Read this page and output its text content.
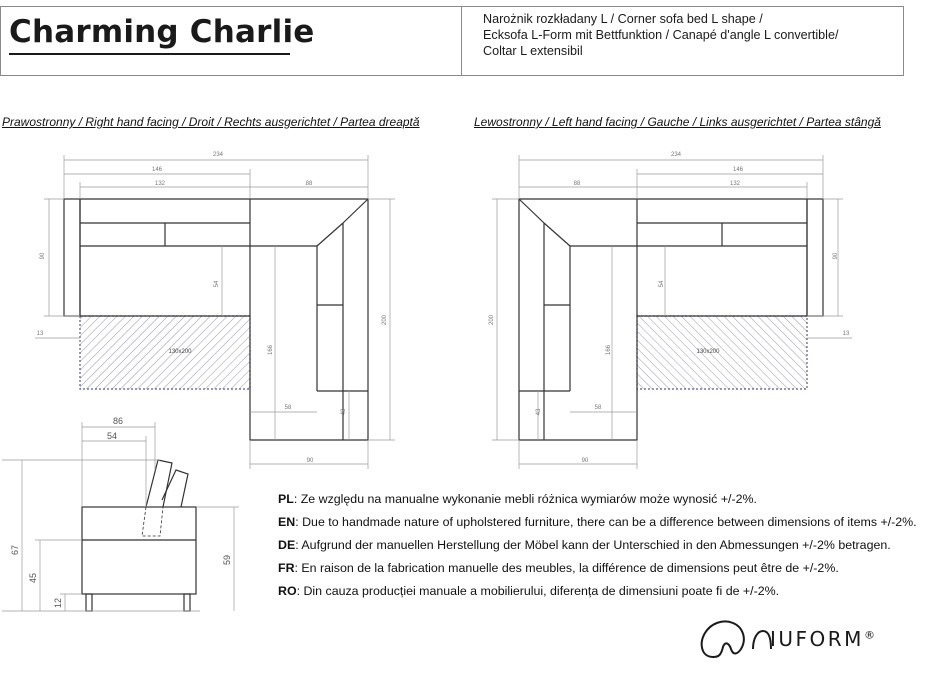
Charming Charlie	Narożnik rozkładany L / Corner sofa bed L shape /
Ecksofa L-Form mit Bettfunktion / Canapé d'angle L convertible/
Coltar L extensibil
Prawostronny / Right hand facing / Droit / Rechts ausgerichtet / Partea dreaptă	Lewostronny / Left hand facing / Gauche / Links ausgerichtet / Partea stângă
234
146
132	88
90
54
13
200
166
58
43
90
130x200
234
146
132
88
90
54
13
200
166
58
43
90
130x200
86
54
67
45
12
59
PL: Ze względu na manualne wykonanie mebli różnica wymiarów może wynosić +/-2%.
EN: Due to handmade nature of upholstered furniture, there can be a difference between dimensions of items +/-2%.
DE: Aufgrund der manuellen Herstellung der Möbel kann der Unterschied in den Abmessungen +/-2% betragen.
FR: En raison de la fabrication manuelle des meubles, la différence de dimensions peut être de +/-2%.
RO: Din cauza producției manuale a mobilierului, diferența de dimensiuni poate fi de +/-2%.
IUFORM®
